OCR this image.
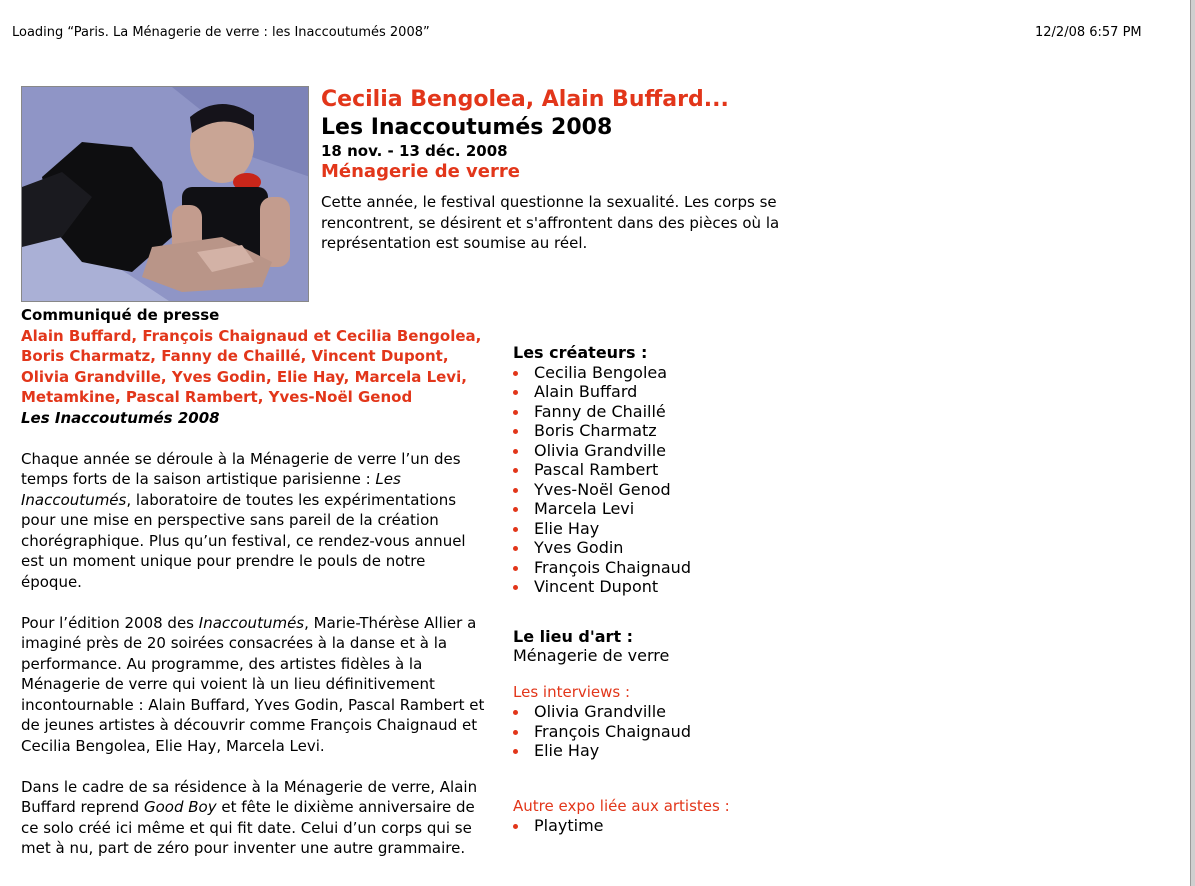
Loading “Paris. La Ménagerie de verre : les Inaccoutumés 2008”	12/2/08 6:57 PM
Cecilia Bengolea, Alain Buffard...
Les Inaccoutumés 2008
18 nov. - 13 déc. 2008
Ménagerie de verre
Cette année, le festival questionne la sexualité. Les corps se rencontrent, se désirent et s'affrontent dans des pièces où la représentation est soumise au réel.
Communiqué de presse
Alain Buffard, François Chaignaud et Cecilia Bengolea, Boris Charmatz, Fanny de Chaillé, Vincent Dupont, Olivia Grandville, Yves Godin, Elie Hay, Marcela Levi, Metamkine, Pascal Rambert, Yves-Noël Genod
Les Inaccoutumés 2008
Chaque année se déroule à la Ménagerie de verre l’un des temps forts de la saison artistique parisienne : Les Inaccoutumés, laboratoire de toutes les expérimentations pour une mise en perspective sans pareil de la création chorégraphique. Plus qu’un festival, ce rendez-vous annuel est un moment unique pour prendre le pouls de notre époque.
Pour l’édition 2008 des Inaccoutumés, Marie-Thérèse Allier a imaginé près de 20 soirées consacrées à la danse et à la performance. Au programme, des artistes fidèles à la Ménagerie de verre qui voient là un lieu définitivement incontournable : Alain Buffard, Yves Godin, Pascal Rambert et de jeunes artistes à découvrir comme François Chaignaud et Cecilia Bengolea, Elie Hay, Marcela Levi.
Dans le cadre de sa résidence à la Ménagerie de verre, Alain Buffard reprend Good Boy et fête le dixième anniversaire de ce solo créé ici même et qui fit date. Celui d’un corps qui se met à nu, part de zéro pour inventer une autre grammaire.
Les créateurs :
Cecilia Bengolea
Alain Buffard
Fanny de Chaillé
Boris Charmatz
Olivia Grandville
Pascal Rambert
Yves-Noël Genod
Marcela Levi
Elie Hay
Yves Godin
François Chaignaud
Vincent Dupont
Le lieu d'art :
Ménagerie de verre
Les interviews :
Olivia Grandville
François Chaignaud
Elie Hay
Autre expo liée aux artistes :
Playtime
